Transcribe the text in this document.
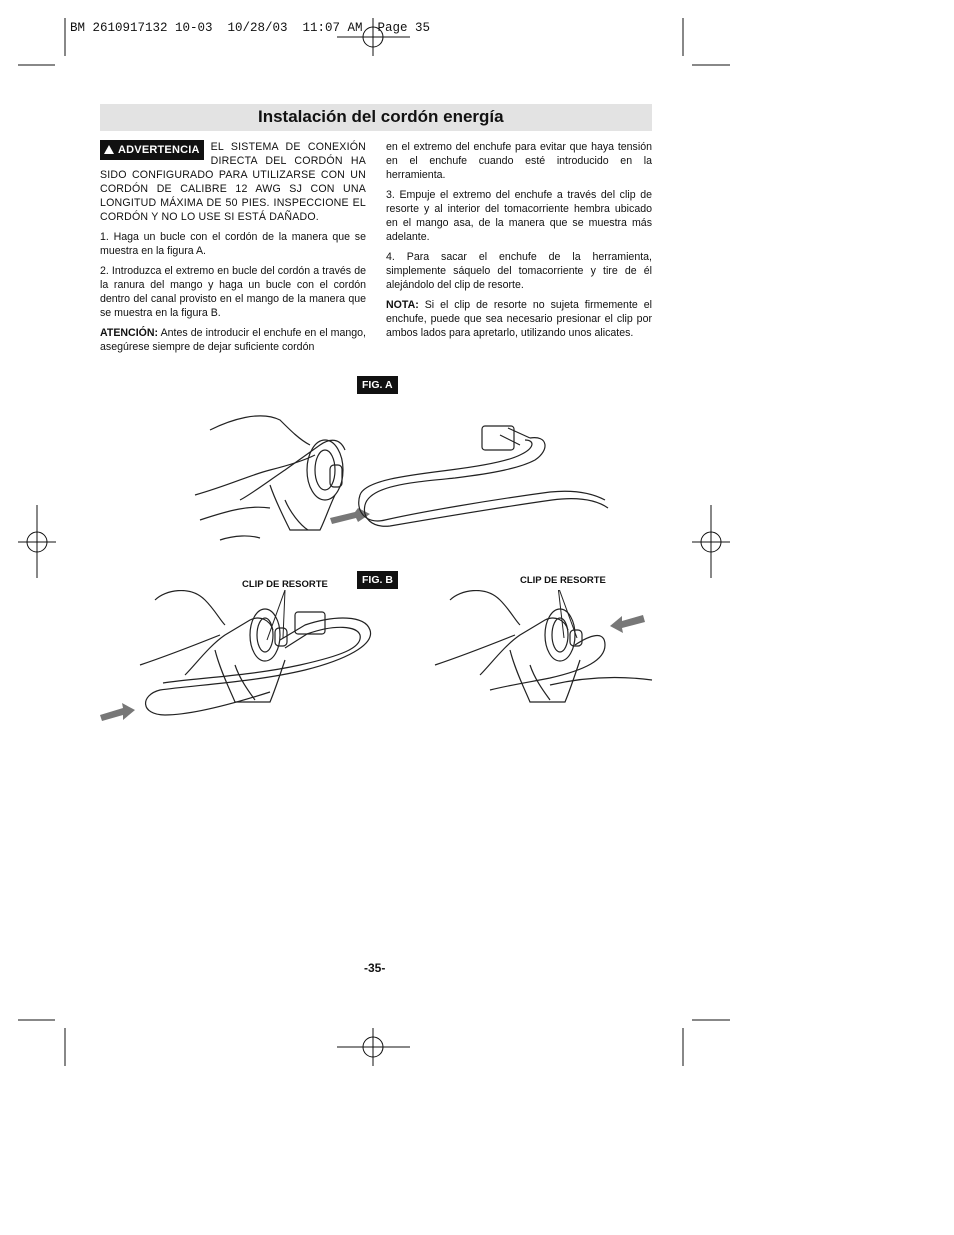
BM 2610917132 10-03  10/28/03  11:07 AM  Page 35
Instalación del cordón energía

ADVERTENCIA	EL SISTEMA DE CONEXIÓN DIRECTA DEL CORDÓN HA SIDO CONFIGURADO PARA UTILIZARSE CON UN CORDÓN DE CALIBRE 12 AWG SJ CON UNA LONGITUD MÁXIMA DE 50 PIES. INSPECCIONE EL CORDÓN Y NO LO USE SI ESTÁ DAÑADO.

1. Haga un bucle con el cordón de la manera que se muestra en la figura A.

2. Introduzca el extremo en bucle del cordón a través de la ranura del mango y haga un bucle con el cordón dentro del canal provisto en el mango de la manera que se muestra en la figura B.

ATENCIÓN: Antes de introducir el enchufe en el mango, asegúrese siempre de dejar suficiente cordón

en el extremo del enchufe para evitar que haya tensión en el enchufe cuando esté introducido en la herramienta.

3. Empuje el extremo del enchufe a través del clip de resorte y al interior del tomacorriente hembra ubicado en el mango asa, de la manera que se muestra más adelante.

4. Para sacar el enchufe de la herramienta, simplemente sáquelo del tomacorriente y tire de él alejándolo del clip de resorte.

NOTA: Si el clip de resorte no sujeta firmemente el enchufe, puede que sea necesario presionar el clip por ambos lados para apretarlo, utilizando unos alicates.

FIG. A
FIG. B
CLIP DE RESORTE	CLIP DE RESORTE
-35-
